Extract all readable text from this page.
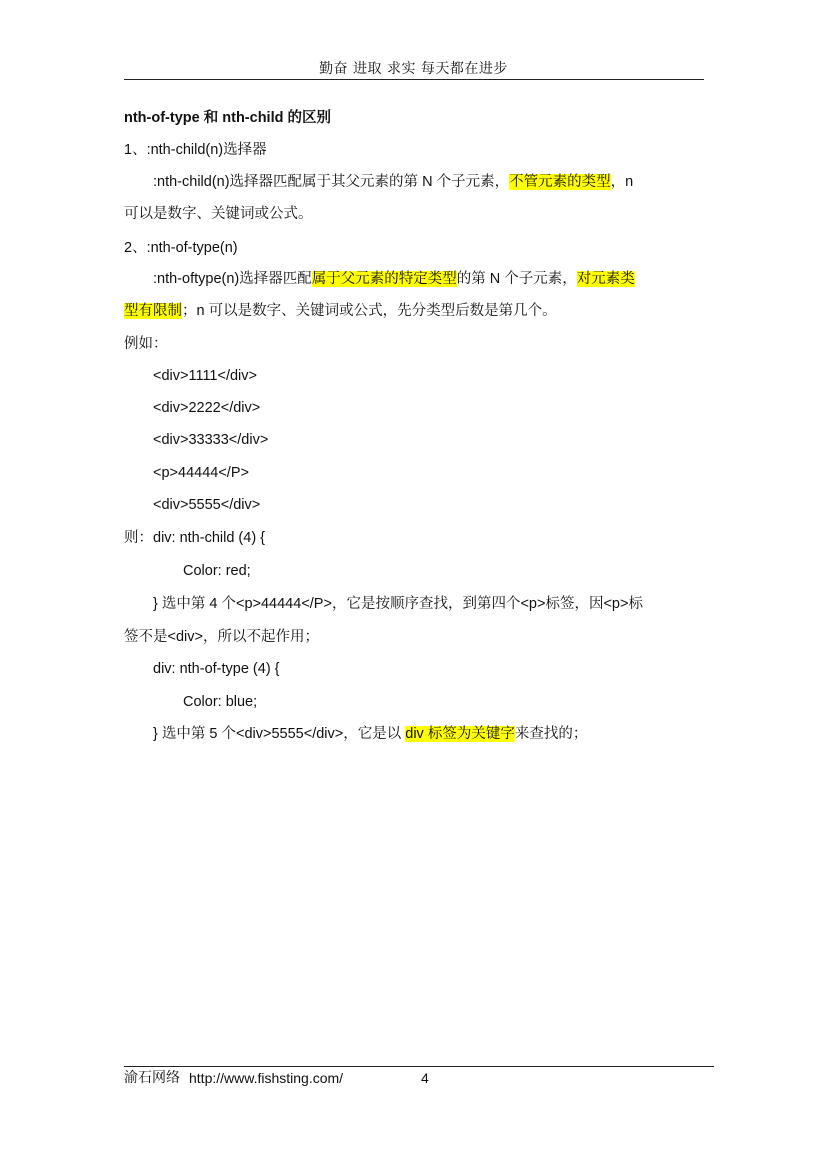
勤奋 进取 求实 每天都在进步
nth-of-type 和 nth-child 的区别
1、:nth-child(n)选择器
:nth-child(n)选择器匹配属于其父元素的第 N 个子元素，不管元素的类型，n
可以是数字、关键词或公式。
2、:nth-of-type(n)
:nth-oftype(n)选择器匹配属于父元素的特定类型的第 N 个子元素，对元素类
型有限制；n 可以是数字、关键词或公式，先分类型后数是第几个。
例如：
<div>1111</div>
<div>2222</div>
<div>33333</div>
<p>44444</P>
<div>5555</div>
则：div: nth-child (4) {
Color: red;
} 选中第 4 个<p>44444</P>，它是按顺序查找，到第四个<p>标签，因<p>标
签不是<div>，所以不起作用；
div: nth-of-type (4) {
Color: blue;
} 选中第 5 个<div>5555</div>，它是以 div 标签为关键字来查找的；
渝石网络 http://www.fishsting.com/	4
